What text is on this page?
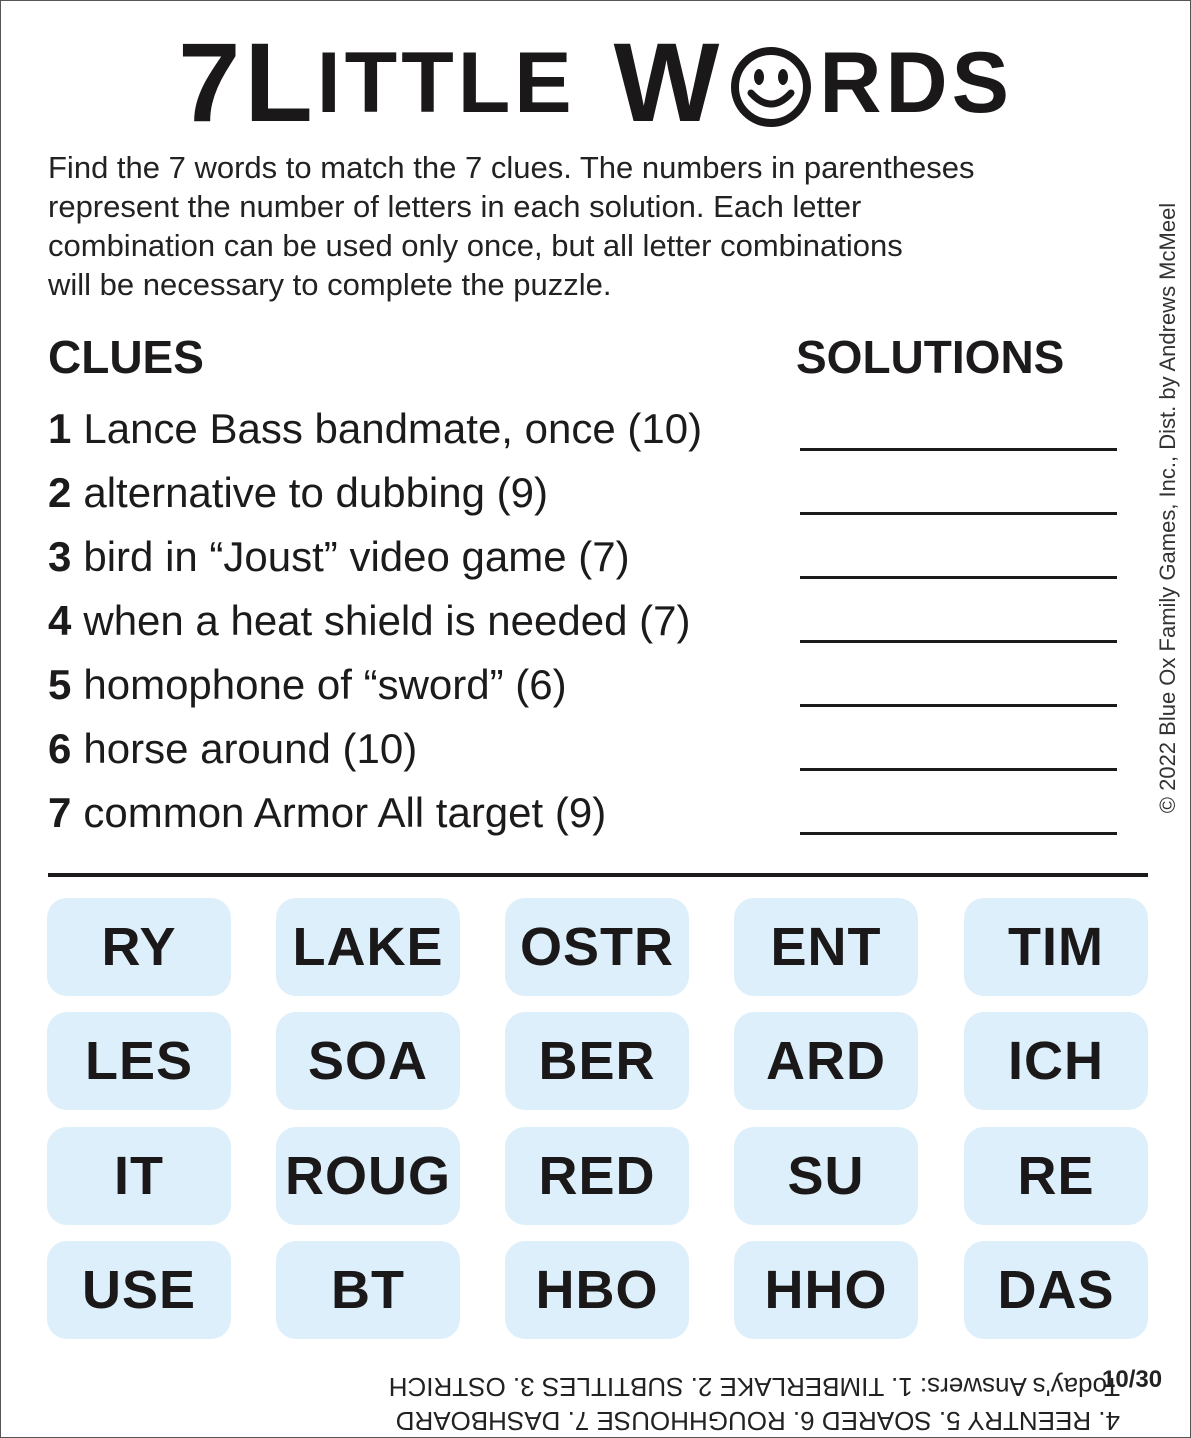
7 L ITTLE W RDS
Find the 7 words to match the 7 clues. The numbers in parentheses
represent the number of letters in each solution. Each letter
combination can be used only once, but all letter combinations
will be necessary to complete the puzzle.
CLUES	SOLUTIONS
1 Lance Bass bandmate, once (10)
2 alternative to dubbing (9)
3 bird in “Joust” video game (7)
4 when a heat shield is needed (7)
5 homophone of “sword” (6)
6 horse around (10)
7 common Armor All target (9)	© 2022 Blue Ox Family Games, Inc., Dist. by Andrews McMeel
RY	LAKE	OSTR	ENT	TIM
LES	SOA	BER	ARD	ICH
IT	ROUG	RED	SU	RE
USE	BT	HBO	HHO	DAS
10/30
4. REENTRY 5. SOARED 6. ROUGHHOUSE 7. DASHBOARD
Today's Answers: 1. TIMBERLAKE 2. SUBTITLES 3. OSTRICH
